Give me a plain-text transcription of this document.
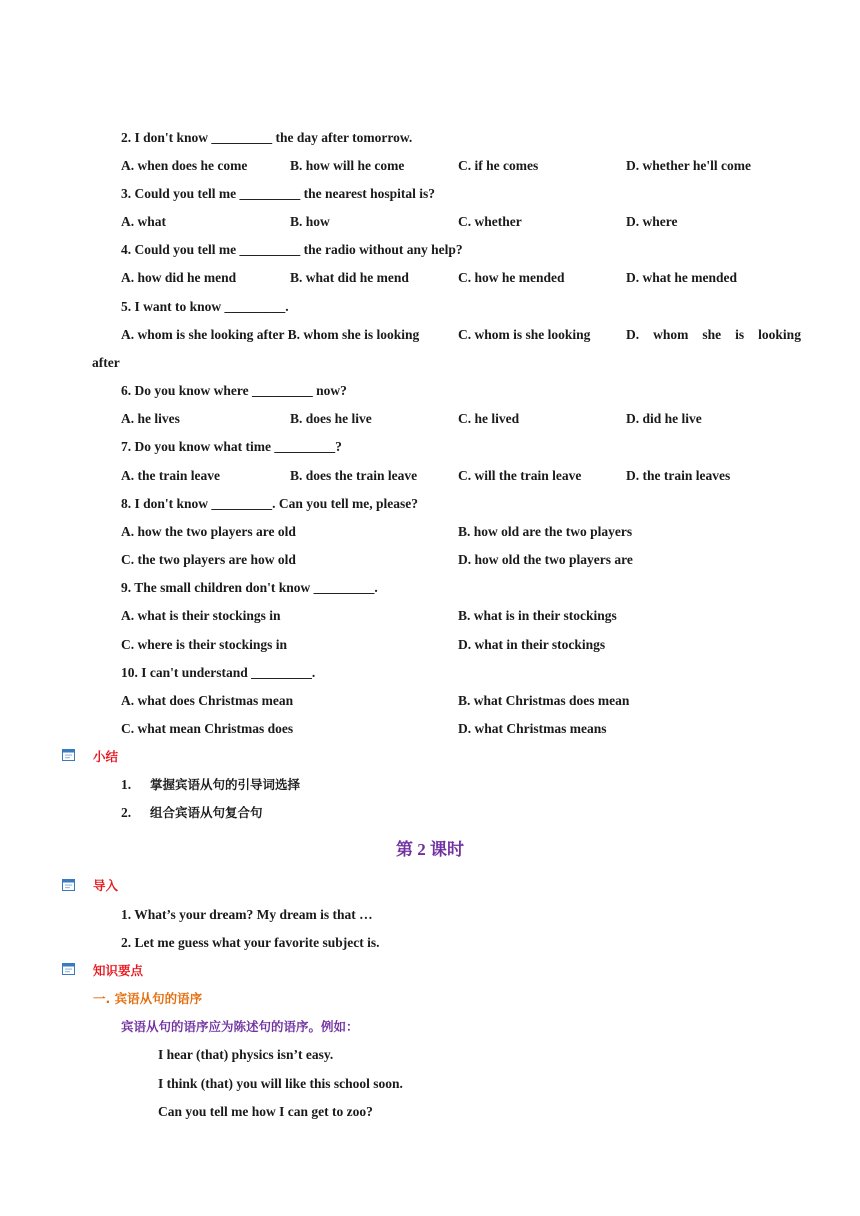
2. I don't know _________ the day after tomorrow.
A. when does he come	B. how will he come	C. if he comes	D. whether he'll come
3. Could you tell me _________ the nearest hospital is?
A. what	B. how	C. whether	D. where
4. Could you tell me _________ the radio without any help?
A. how did he mend	B. what did he mend	C. how he mended	D. what he mended
5. I want to know _________.
A. whom is she looking after B. whom she is looking	C. whom is she looking	D. whom she is looking
after
6. Do you know where _________ now?
A. he lives	B. does he live	C. he lived	D. did he live
7. Do you know what time _________?
A. the train leave	B. does the train leave	C. will the train leave	D. the train leaves
8. I don't know _________. Can you tell me, please?
A. how the two players are old	B. how old are the two players
C. the two players are how old	D. how old the two players are
9. The small children don't know _________.
A. what is their stockings in	B. what is in their stockings
C. where is their stockings in	D. what in their stockings
10. I can't understand _________.
A. what does Christmas mean	B. what Christmas does mean
C. what mean Christmas does	D. what Christmas means
小结
1. 掌握宾语从句的引导词选择
2. 组合宾语从句复合句
第 2 课时
导入
1. What’s your dream? My dream is that …
2. Let me guess what your favorite subject is.
知识要点
一. 宾语从句的语序
宾语从句的语序应为陈述句的语序。例如：
I hear (that) physics isn’t easy.
I think (that) you will like this school soon.
Can you tell me how I can get to zoo?
